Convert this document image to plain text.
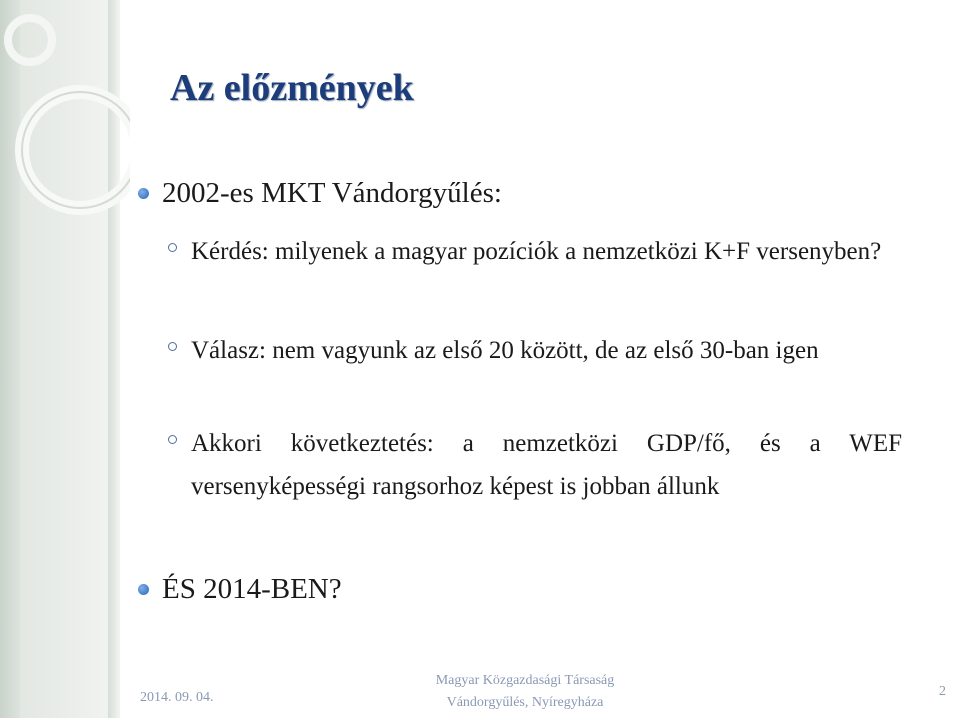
Az előzmények
2002-es MKT Vándorgyűlés:
Kérdés: milyenek a magyar pozíciók a nemzetközi K+F versenyben?
Válasz: nem vagyunk az első 20 között, de az első 30-ban igen
Akkori következtetés: a nemzetközi GDP/fő, és a WEF versenyképességi rangsorhoz képest is jobban állunk
ÉS 2014-BEN?
2014. 09. 04.
Magyar Közgazdasági Társaság
Vándorgyűlés, Nyíregyháza
2
